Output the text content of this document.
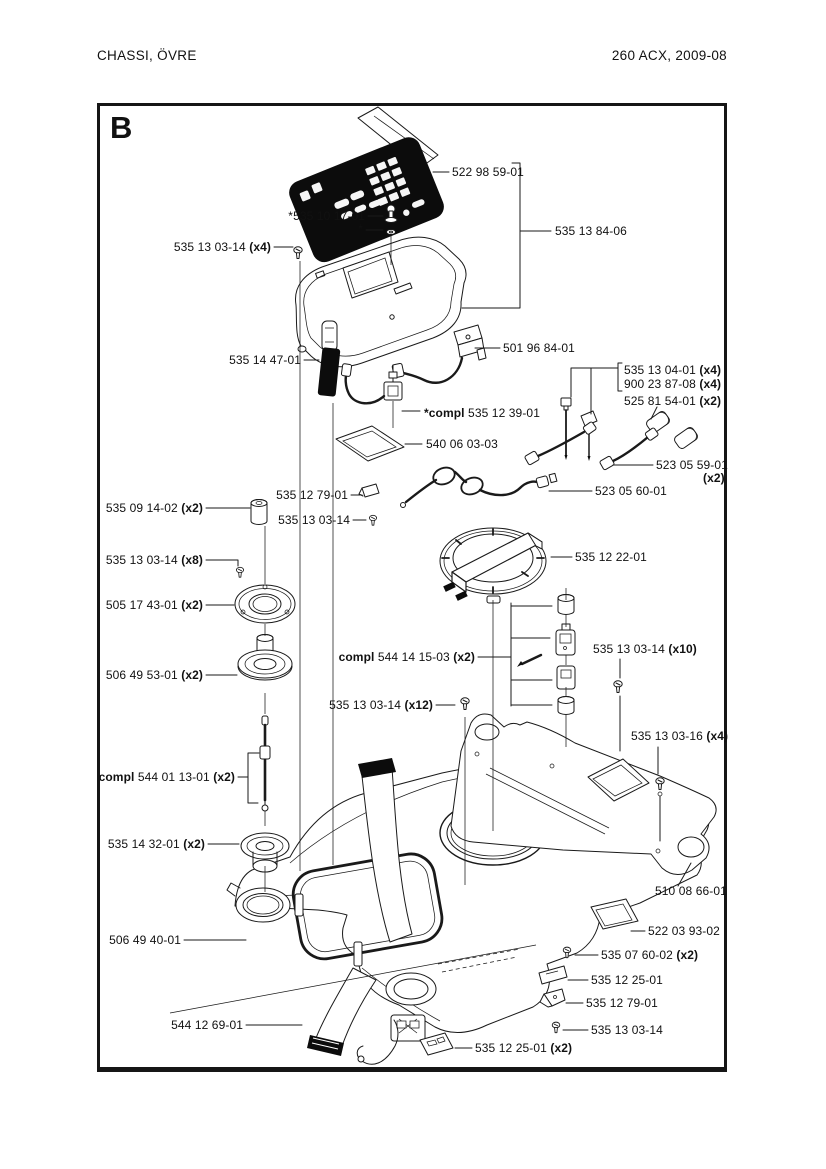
CHASSI, ÖVRE	260 ACX, 2009-08
B
522 98 59-01
535 13 84-06
*535 10 17-01
*
535 13 03-14 (x4)
535 14 47-01
501 96 84-01
*compl 535 12 39-01
540 06 03-03
535 13 04-01 (x4)
900 23 87-08 (x4)
525 81 54-01 (x2)
523 05 59-01
(x2)
523 05 60-01
535 12 79-01
535 13 03-14
535 09 14-02 (x2)
535 13 03-14 (x8)
505 17 43-01 (x2)
506 49 53-01 (x2)
535 12 22-01
compl 544 14 15-03 (x2)
535 13 03-14 (x10)
535 13 03-14 (x12)
535 13 03-16 (x4)
compl 544 01 13-01 (x2)
535 14 32-01 (x2)
510 08 66-01
522 03 93-02
506 49 40-01
535 07 60-02 (x2)
535 12 25-01
535 12 79-01
544 12 69-01	535 13 03-14
535 12 25-01 (x2)
